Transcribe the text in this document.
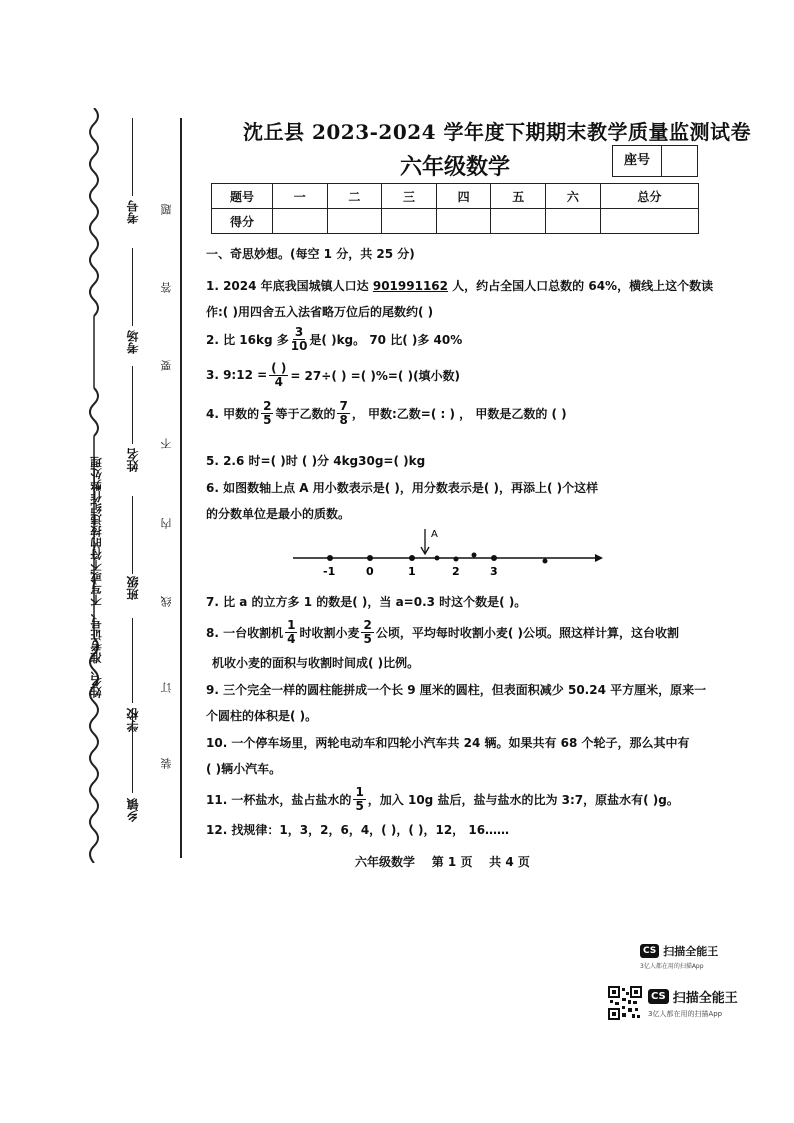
姓名、准考证号、不写或不符的按违纪作弊处理
乡镇
学校
班级
姓名
考场
考号
装
订
线
内
不
要
答
题
沈丘县 2023-2024 学年度下期期末教学质量监测试卷
六年级数学	座号
题号	一	二	三	四	五	六	总分
得分							
一、奇思妙想。(每空 1 分，共 25 分)
1. 2024 年底我国城镇人口达 901991162 人，约占全国人口总数的 64%，横线上这个数读
作:( )用四舍五入法省略万位后的尾数约( )
2. 比 16kg 多 $\frac{3}{10}$ 是( )kg。 70 比( )多 40%
3. 9:12 = $\frac{( )}{4} = 27\div$( ) =( )%=( )(填小数)
4. 甲数的 $\frac{2}{5}$ 等于乙数的 $\frac{7}{8}$ ， 甲数:乙数=( : ) ， 甲数是乙数的 ( )
5. 2.6 时=( )时 ( )分 4kg30g=( )kg
6. 如图数轴上点 A 用小数表示是( )，用分数表示是( )，再添上( )个这样
的分数单位是最小的质数。
A
-1	0	1	2	3
7. 比 a 的立方多 1 的数是( )，当 a=0.3 时这个数是( )。
8. 一台收割机 $\frac{1}{4}$ 时收割小麦 $\frac{2}{5}$ 公顷，平均每时收割小麦( )公顷。照这样计算，这台收割
机收小麦的面积与收割时间成( )比例。
9. 三个完全一样的圆柱能拼成一个长 9 厘米的圆柱，但表面积减少 50.24 平方厘米，原来一
个圆柱的体积是( )。
10. 一个停车场里，两轮电动车和四轮小汽车共 24 辆。如果共有 68 个轮子，那么其中有
( )辆小汽车。
11. 一杯盐水，盐占盐水的 $\frac{1}{5}$ ，加入 10g 盐后，盐与盐水的比为 3:7，原盐水有( )g。
12. 找规律：1，3，2，6，4，( )，( )，12， 16……
六年级数学 第 1 页 共 4 页
CS 扫描全能王
3亿人都在用的扫描App
CS 扫描全能王
3亿人都在用的扫描App
